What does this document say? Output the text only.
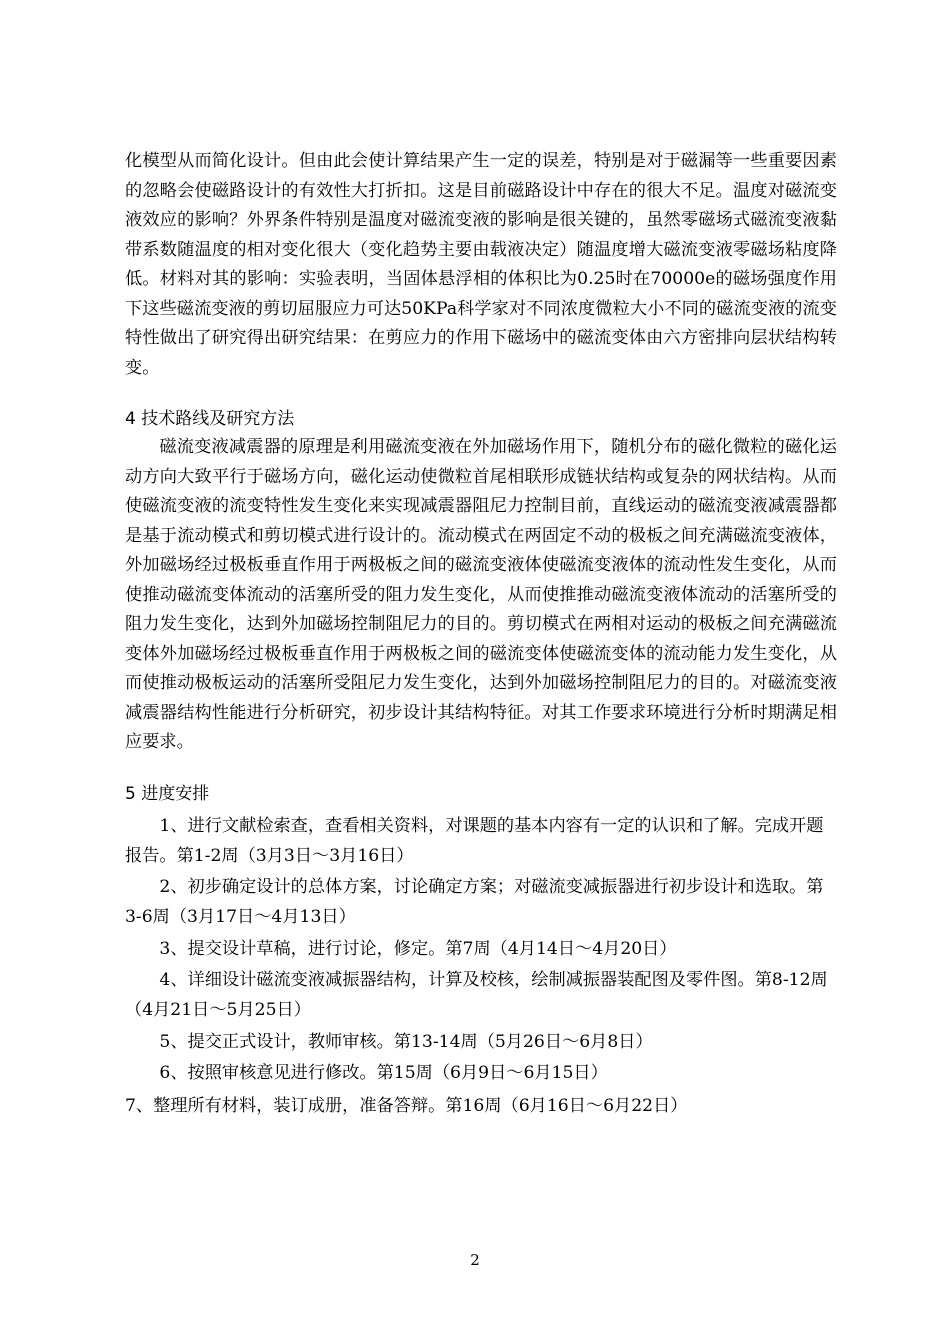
化模型从而简化设计。但由此会使计算结果产生一定的误差，特别是对于磁漏等一些重要因素的忽略会使磁路设计的有效性大打折扣。这是目前磁路设计中存在的很大不足。温度对磁流变液效应的影响？外界条件特别是温度对磁流变液的影响是很关键的，虽然零磁场式磁流变液黏带系数随温度的相对变化很大（变化趋势主要由载液决定）随温度增大磁流变液零磁场粘度降低。材料对其的影响：实验表明，当固体悬浮相的体积比为0.25时在70000e的磁场强度作用下这些磁流变液的剪切屈服应力可达50KPa科学家对不同浓度微粒大小不同的磁流变液的流变特性做出了研究得出研究结果：在剪应力的作用下磁场中的磁流变体由六方密排向层状结构转变。

4 技术路线及研究方法

磁流变液减震器的原理是利用磁流变液在外加磁场作用下，随机分布的磁化微粒的磁化运动方向大致平行于磁场方向，磁化运动使微粒首尾相联形成链状结构或复杂的网状结构。从而使磁流变液的流变特性发生变化来实现减震器阻尼力控制目前，直线运动的磁流变液减震器都是基于流动模式和剪切模式进行设计的。流动模式在两固定不动的极板之间充满磁流变液体，外加磁场经过极板垂直作用于两极板之间的磁流变液体使磁流变液体的流动性发生变化，从而使推动磁流变体流动的活塞所受的阻力发生变化，从而使推推动磁流变液体流动的活塞所受的阻力发生变化，达到外加磁场控制阻尼力的目的。剪切模式在两相对运动的极板之间充满磁流变体外加磁场经过极板垂直作用于两极板之间的磁流变体使磁流变体的流动能力发生变化，从而使推动极板运动的活塞所受阻尼力发生变化，达到外加磁场控制阻尼力的目的。对磁流变液减震器结构性能进行分析研究，初步设计其结构特征。对其工作要求环境进行分析时期满足相应要求。

5 进度安排

1、进行文献检索查，查看相关资料，对课题的基本内容有一定的认识和了解。完成开题报告。第1-2周（3月3日～3月16日）

2、初步确定设计的总体方案，讨论确定方案；对磁流变减振器进行初步设计和选取。第3-6周（3月17日～4月13日）

3、提交设计草稿，进行讨论，修定。第7周（4月14日～4月20日）

4、详细设计磁流变液减振器结构，计算及校核，绘制减振器装配图及零件图。第8-12周（4月21日～5月25日）

5、提交正式设计，教师审核。第13-14周（5月26日～6月8日）

6、按照审核意见进行修改。第15周（6月9日～6月15日）

7、整理所有材料，装订成册，准备答辩。第16周（6月16日～6月22日）

2
